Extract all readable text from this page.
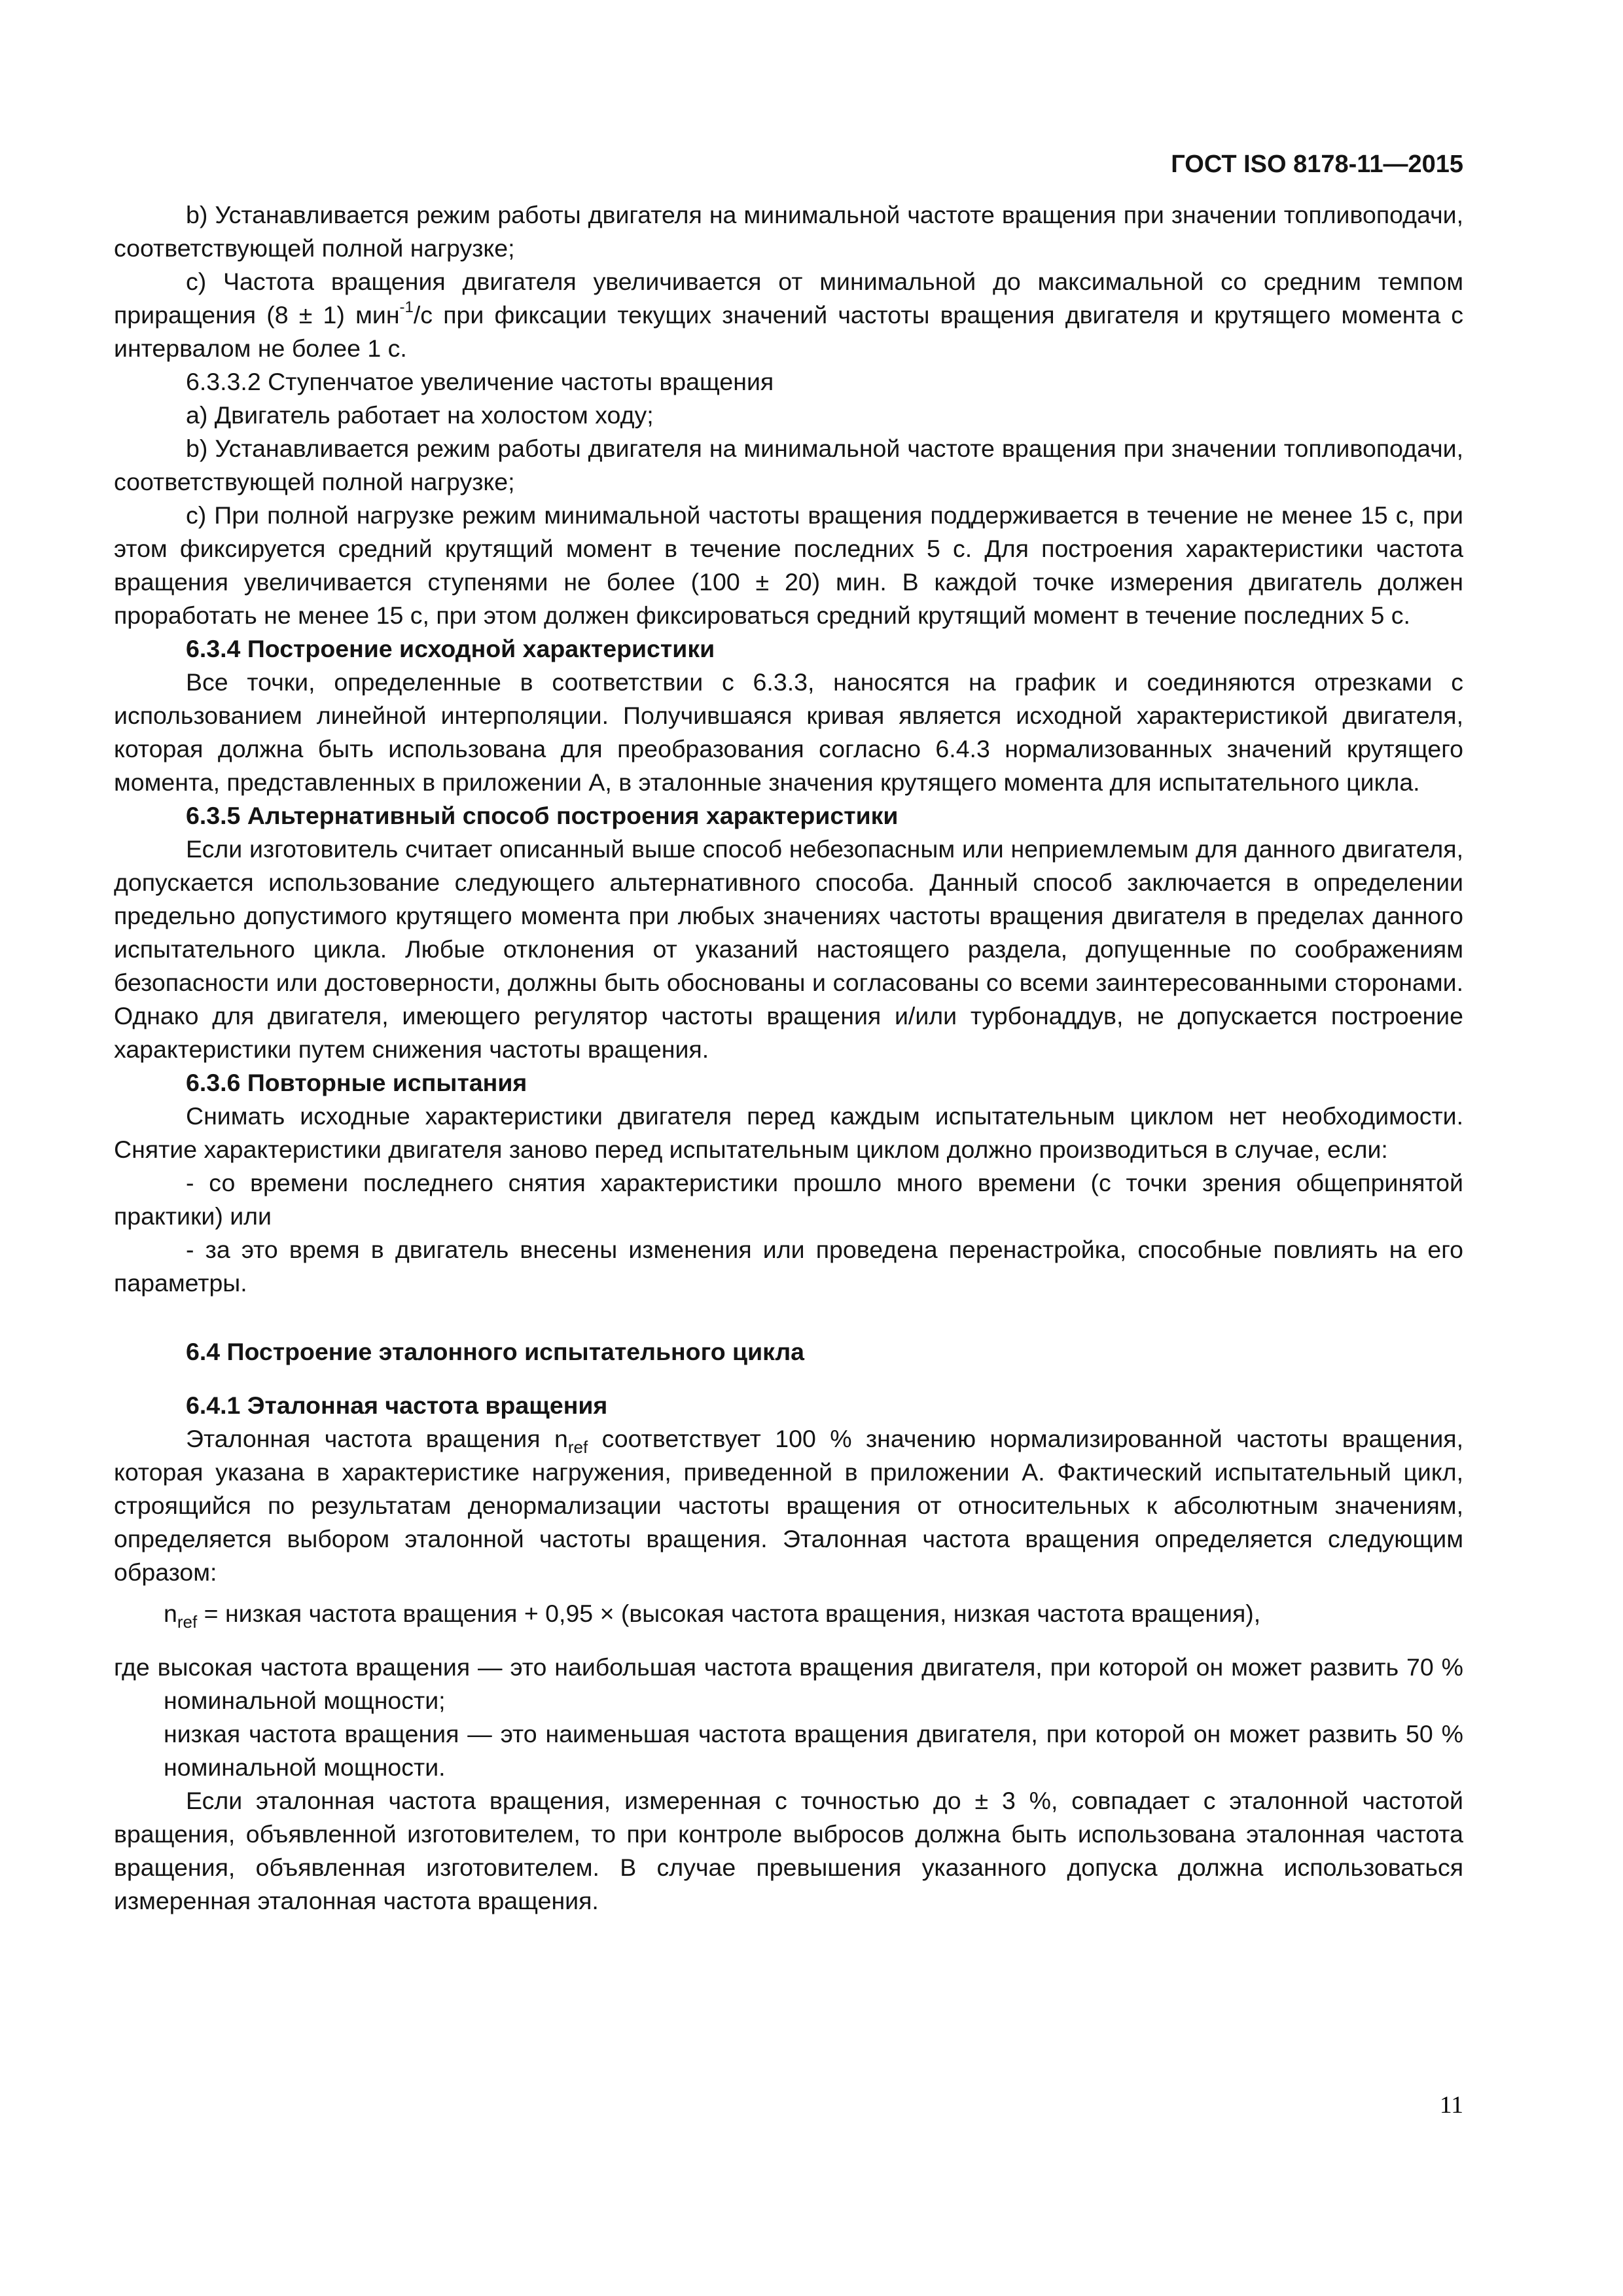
ГОСТ ISO 8178-11—2015

b) Устанавливается режим работы двигателя на минимальной частоте вращения при значении топливоподачи, соответствующей полной нагрузке;

c) Частота вращения двигателя увеличивается от минимальной до максимальной со средним темпом приращения (8 ± 1) мин$^{-1}$/с при фиксации текущих значений частоты вращения двигателя и крутящего момента с интервалом не более 1 с.

6.3.3.2 Ступенчатое увеличение частоты вращения

а) Двигатель работает на холостом ходу;

b) Устанавливается режим работы двигателя на минимальной частоте вращения при значении топливоподачи, соответствующей полной нагрузке;

c) При полной нагрузке режим минимальной частоты вращения поддерживается в течение не менее 15 с, при этом фиксируется средний крутящий момент в течение последних 5 с. Для построения характеристики частота вращения увеличивается ступенями не более (100 ± 20) мин. В каждой точке измерения двигатель должен проработать не менее 15 с, при этом должен фиксироваться средний крутящий момент в течение последних 5 с.

6.3.4 Построение исходной характеристики

Все точки, определенные в соответствии с 6.3.3, наносятся на график и соединяются отрезками с использованием линейной интерполяции. Получившаяся кривая является исходной характеристикой двигателя, которая должна быть использована для преобразования согласно 6.4.3 нормализованных значений крутящего момента, представленных в приложении А, в эталонные значения крутящего момента для испытательного цикла.

6.3.5 Альтернативный способ построения характеристики

Если изготовитель считает описанный выше способ небезопасным или неприемлемым для данного двигателя, допускается использование следующего альтернативного способа. Данный способ заключается в определении предельно допустимого крутящего момента при любых значениях частоты вращения двигателя в пределах данного испытательного цикла. Любые отклонения от указаний настоящего раздела, допущенные по соображениям безопасности или достоверности, должны быть обоснованы и согласованы со всеми заинтересованными сторонами. Однако для двигателя, имеющего регулятор частоты вращения и/или турбонаддув, не допускается построение характеристики путем снижения частоты вращения.

6.3.6 Повторные испытания

Снимать исходные характеристики двигателя перед каждым испытательным циклом нет необходимости. Снятие характеристики двигателя заново перед испытательным циклом должно производиться в случае, если:

- со времени последнего снятия характеристики прошло много времени (с точки зрения общепринятой практики) или

- за это время в двигатель внесены изменения или проведена перенастройка, способные повлиять на его параметры.

6.4 Построение эталонного испытательного цикла

6.4.1 Эталонная частота вращения

Эталонная частота вращения $n_{ref}$ соответствует 100 % значению нормализированной частоты вращения, которая указана в характеристике нагружения, приведенной в приложении А. Фактический испытательный цикл, строящийся по результатам денормализации частоты вращения от относительных к абсолютным значениям, определяется выбором эталонной частоты вращения. Эталонная частота вращения определяется следующим образом:

$n_{ref}$ = низкая частота вращения + 0,95 × (высокая частота вращения, низкая частота вращения),

где высокая частота вращения — это наибольшая частота вращения двигателя, при которой он может развить 70 % номинальной мощности;

низкая частота вращения — это наименьшая частота вращения двигателя, при которой он может развить 50 % номинальной мощности.

Если эталонная частота вращения, измеренная с точностью до ± 3 %, совпадает с эталонной частотой вращения, объявленной изготовителем, то при контроле выбросов должна быть использована эталонная частота вращения, объявленная изготовителем. В случае превышения указанного допуска должна использоваться измеренная эталонная частота вращения.

11
